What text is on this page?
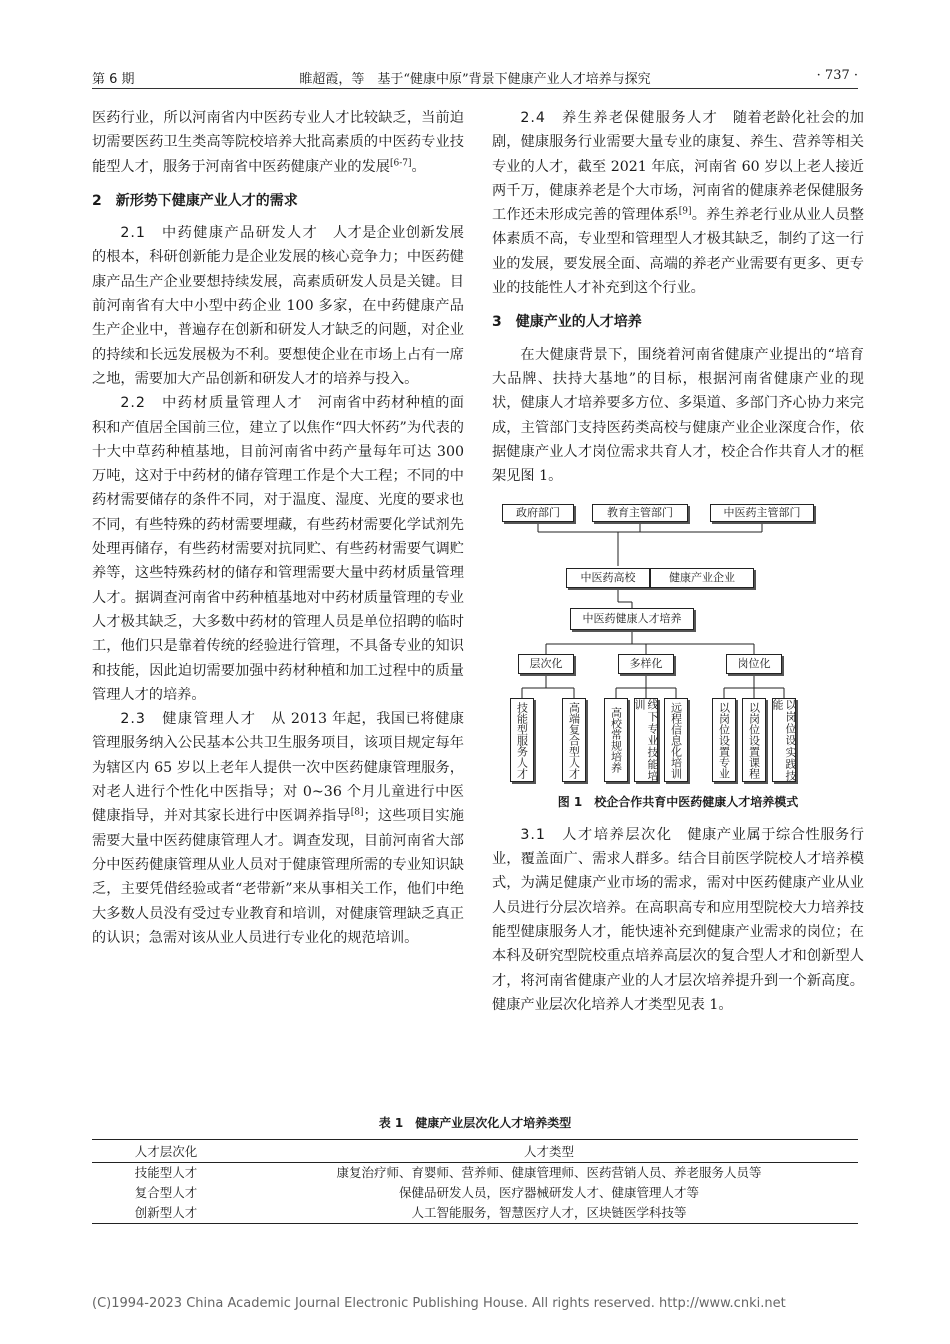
第 6 期	睢超霞，等　基于“健康中原”背景下健康产业人才培养与探究	· 737 ·

医药行业，所以河南省内中医药专业人才比较缺乏，当前迫切需要医药卫生类高等院校培养大批高素质的中医药专业技能型人才，服务于河南省中医药健康产业的发展[6-7]。

2　新形势下健康产业人才的需求

2.1　中药健康产品研发人才　 人才是企业创新发展的根本，科研创新能力是企业发展的核心竞争力；中医药健康产品生产企业要想持续发展，高素质研发人员是关键。目前河南省有大中小型中药企业 100 多家，在中药健康产品生产企业中，普遍存在创新和研发人才缺乏的问题，对企业的持续和长远发展极为不利。要想使企业在市场上占有一席之地，需要加大产品创新和研发人才的培养与投入。

2.2　中药材质量管理人才　 河南省中药材种植的面积和产值居全国前三位，建立了以焦作“四大怀药”为代表的十大中草药种植基地，目前河南省中药产量每年可达 300 万吨，这对于中药材的储存管理工作是个大工程；不同的中药材需要储存的条件不同，对于温度、湿度、光度的要求也不同，有些特殊的药材需要埋藏，有些药材需要化学试剂先处理再储存，有些药材需要对抗同贮、有些药材需要气调贮养等，这些特殊药材的储存和管理需要大量中药材质量管理人才。据调查河南省中药种植基地对中药材质量管理的专业人才极其缺乏，大多数中药材的管理人员是单位招聘的临时工，他们只是靠着传统的经验进行管理，不具备专业的知识和技能，因此迫切需要加强中药材种植和加工过程中的质量管理人才的培养。

2.3　健康管理人才　 从 2013 年起，我国已将健康管理服务纳入公民基本公共卫生服务项目，该项目规定每年为辖区内 65 岁以上老年人提供一次中医药健康管理服务，对老人进行个性化中医指导；对 0~36 个月儿童进行中医健康指导，并对其家长进行中医调养指导[8]；这些项目实施需要大量中医药健康管理人才。调查发现，目前河南省大部分中医药健康管理从业人员对于健康管理所需的专业知识缺乏，主要凭借经验或者“老带新”来从事相关工作，他们中绝大多数人员没有受过专业教育和培训，对健康管理缺乏真正的认识；急需对该从业人员进行专业化的规范培训。

2.4　养生养老保健服务人才　 随着老龄化社会的加剧，健康服务行业需要大量专业的康复、养生、营养等相关专业的人才，截至 2021 年底，河南省 60 岁以上老人接近两千万，健康养老是个大市场，河南省的健康养老保健服务工作还未形成完善的管理体系[9]。养生养老行业从业人员整体素质不高，专业型和管理型人才极其缺乏，制约了这一行业的发展，要发展全面、高端的养老产业需要有更多、更专业的技能性人才补充到这个行业。

3　健康产业的人才培养

在大健康背景下，围绕着河南省健康产业提出的“培育大品牌、扶持大基地”的目标，根据河南省健康产业的现状，健康人才培养要多方位、多渠道、多部门齐心协力来完成，主管部门支持医药类高校与健康产业企业深度合作，依据健康产业人才岗位需求共育人才，校企合作共育人才的框架见图 1。

政府部门	教育主管部门	中医药主管部门
中医药高校	健康产业企业
中医药健康人才培养
层次化	多样化	岗位化
技能型服务人才	高端复合型人才	高校常规培养	线下专业技能培训	远程信息化培训	以岗位设置专业	以岗位设置课程	以岗位设实践技能
图 1　校企合作共育中医药健康人才培养模式

3.1　人才培养层次化　 健康产业属于综合性服务行业，覆盖面广、需求人群多。结合目前医学院校人才培养模式，为满足健康产业市场的需求，需对中医药健康产业从业人员进行分层次培养。在高职高专和应用型院校大力培养技能型健康服务人才，能快速补充到健康产业需求的岗位；在本科及研究型院校重点培养高层次的复合型人才和创新型人才，将河南省健康产业的人才层次培养提升到一个新高度。健康产业层次化培养人才类型见表 1。

表 1　健康产业层次化人才培养类型
人才层次化	人才类型
技能型人才	康复治疗师、育婴师、营养师、健康管理师、医药营销人员、养老服务人员等
复合型人才	保健品研发人员，医疗器械研发人才、健康管理人才等
创新型人才	人工智能服务，智慧医疗人才，区块链医学科技等
(C)1994-2023 China Academic Journal Electronic Publishing House. All rights reserved. http://www.cnki.net
